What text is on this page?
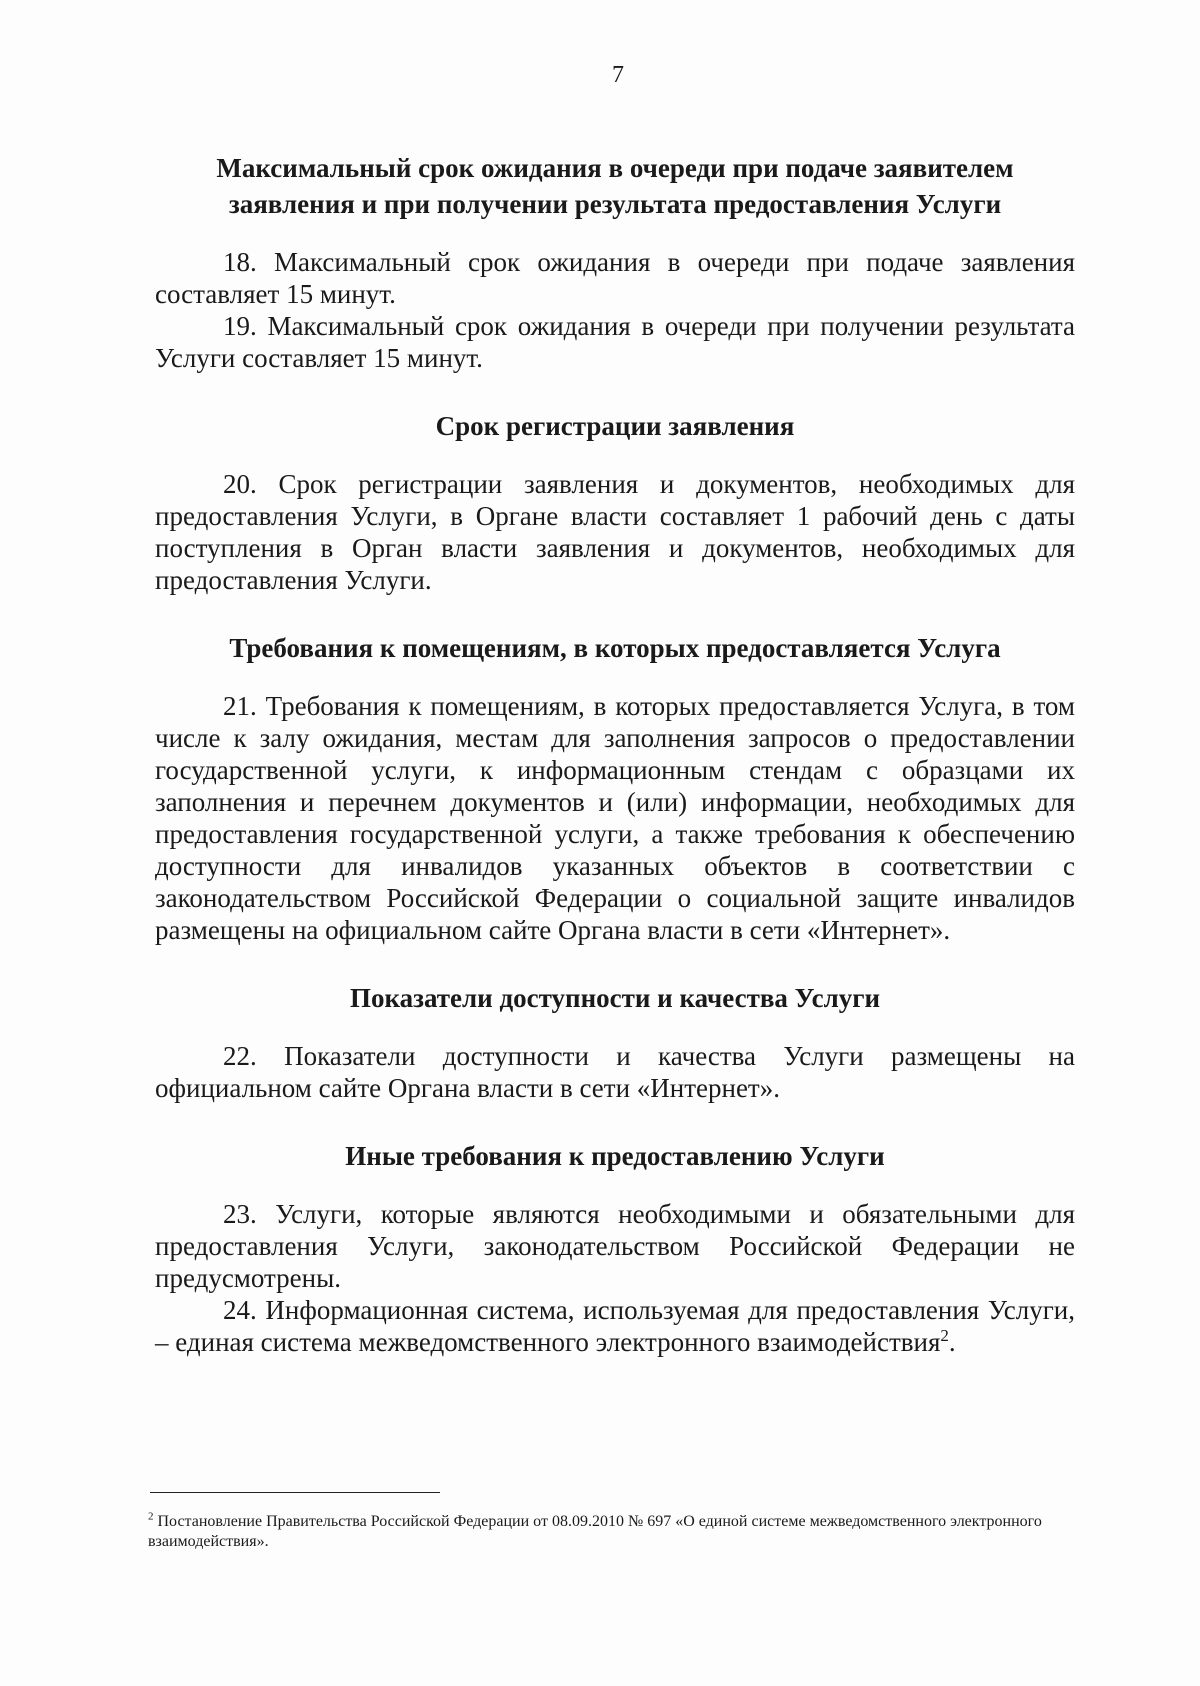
7
Максимальный срок ожидания в очереди при подаче заявителем заявления и при получении результата предоставления Услуги

18. Максимальный срок ожидания в очереди при подаче заявления составляет 15 минут.

19. Максимальный срок ожидания в очереди при получении результата Услуги составляет 15 минут.

Срок регистрации заявления

20. Срок регистрации заявления и документов, необходимых для предоставления Услуги, в Органе власти составляет 1 рабочий день с даты поступления в Орган власти заявления и документов, необходимых для предоставления Услуги.

Требования к помещениям, в которых предоставляется Услуга

21. Требования к помещениям, в которых предоставляется Услуга, в том числе к залу ожидания, местам для заполнения запросов о предоставлении государственной услуги, к информационным стендам с образцами их заполнения и перечнем документов и (или) информации, необходимых для предоставления государственной услуги, а также требования к обеспечению доступности для инвалидов указанных объектов в соответствии с законодательством Российской Федерации о социальной защите инвалидов размещены на официальном сайте Органа власти в сети «Интернет».

Показатели доступности и качества Услуги

22. Показатели доступности и качества Услуги размещены на официальном сайте Органа власти в сети «Интернет».

Иные требования к предоставлению Услуги

23. Услуги, которые являются необходимыми и обязательными для предоставления Услуги, законодательством Российской Федерации не предусмотрены.

24. Информационная система, используемая для предоставления Услуги, – единая система межведомственного электронного взаимодействия$^2$.

$^2$ Постановление Правительства Российской Федерации от 08.09.2010 № 697 «О единой системе межведомственного электронного взаимодействия».
